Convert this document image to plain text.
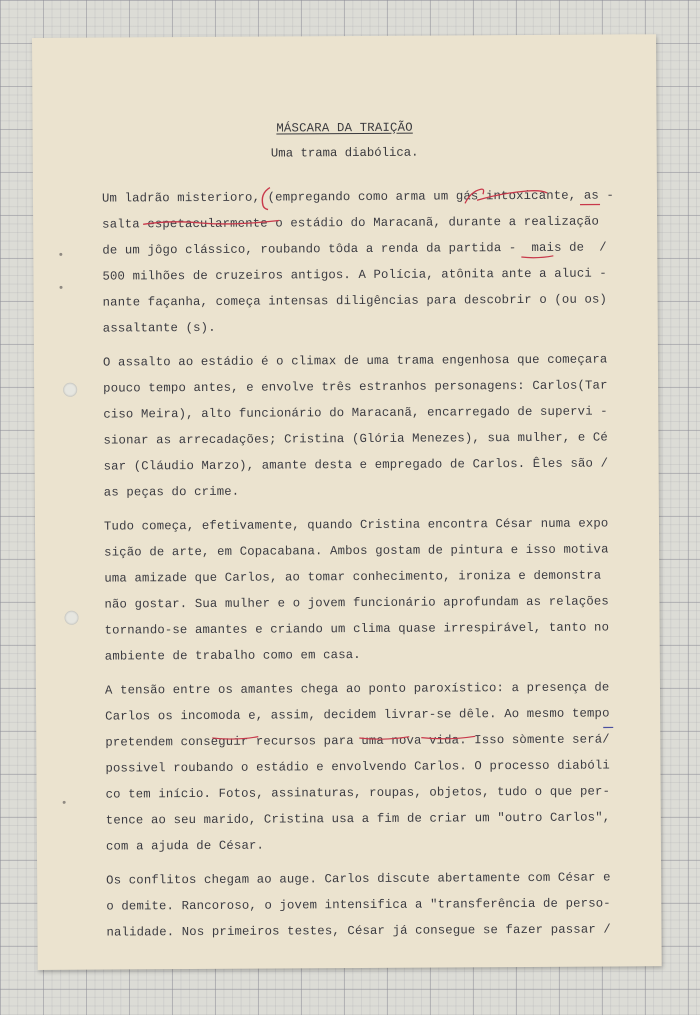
MÁSCARA DA TRAIÇÃO
Uma trama diabólica.
Um ladrão misterioro, (empregando como arma um gás intoxicante, as -
salta espetacularmente o estádio do Maracanã, durante a realização
de um jôgo clássico, roubando tôda a renda da partida -  mais de  /
500 milhões de cruzeiros antigos. A Polícia, atônita ante a aluci -
nante façanha, começa intensas diligências para descobrir o (ou os)
assaltante (s).
O assalto ao estádio é o climax de uma trama engenhosa que começara
pouco tempo antes, e envolve três estranhos personagens: Carlos(Tar
ciso Meira), alto funcionário do Maracanã, encarregado de supervi -
sionar as arrecadações; Cristina (Glória Menezes), sua mulher, e Cé
sar (Cláudio Marzo), amante desta e empregado de Carlos. Êles são /
as peças do crime.
Tudo começa, efetivamente, quando Cristina encontra César numa expo
sição de arte, em Copacabana. Ambos gostam de pintura e isso motiva
uma amizade que Carlos, ao tomar conhecimento, ironiza e demonstra
não gostar. Sua mulher e o jovem funcionário aprofundam as relações
tornando-se amantes e criando um clima quase irrespirável, tanto no
ambiente de trabalho como em casa.
A tensão entre os amantes chega ao ponto paroxístico: a presença de
Carlos os incomoda e, assim, decidem livrar-se dêle. Ao mesmo tempo
pretendem conseguir recursos para uma nova vida. Isso sòmente será/
possivel roubando o estádio e envolvendo Carlos. O processo diabóli
co tem início. Fotos, assinaturas, roupas, objetos, tudo o que per-
tence ao seu marido, Cristina usa a fim de criar um "outro Carlos",
com a ajuda de César.
Os conflitos chegam ao auge. Carlos discute abertamente com César e
o demite. Rancoroso, o jovem intensifica a "transferência de perso-
nalidade. Nos primeiros testes, César já consegue se fazer passar /
